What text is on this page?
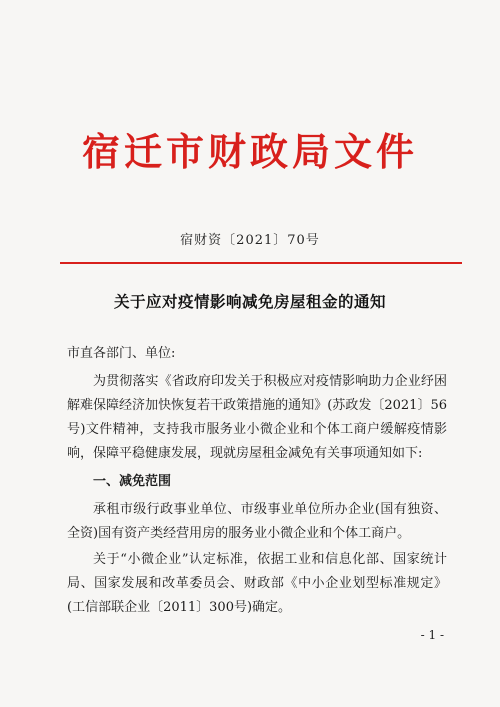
宿迁市财政局文件
宿财资〔2021〕70号
关于应对疫情影响减免房屋租金的通知

市直各部门、单位:

为贯彻落实《省政府印发关于积极应对疫情影响助力企业纾困解难保障经济加快恢复若干政策措施的通知》(苏政发〔2021〕56号)文件精神，支持我市服务业小微企业和个体工商户缓解疫情影响，保障平稳健康发展，现就房屋租金减免有关事项通知如下:

一、减免范围

承租市级行政事业单位、市级事业单位所办企业(国有独资、全资)国有资产类经营用房的服务业小微企业和个体工商户。

关于“小微企业”认定标准，依据工业和信息化部、国家统计局、国家发展和改革委员会、财政部《中小企业划型标准规定》(工信部联企业〔2011〕300号)确定。

- 1 -
